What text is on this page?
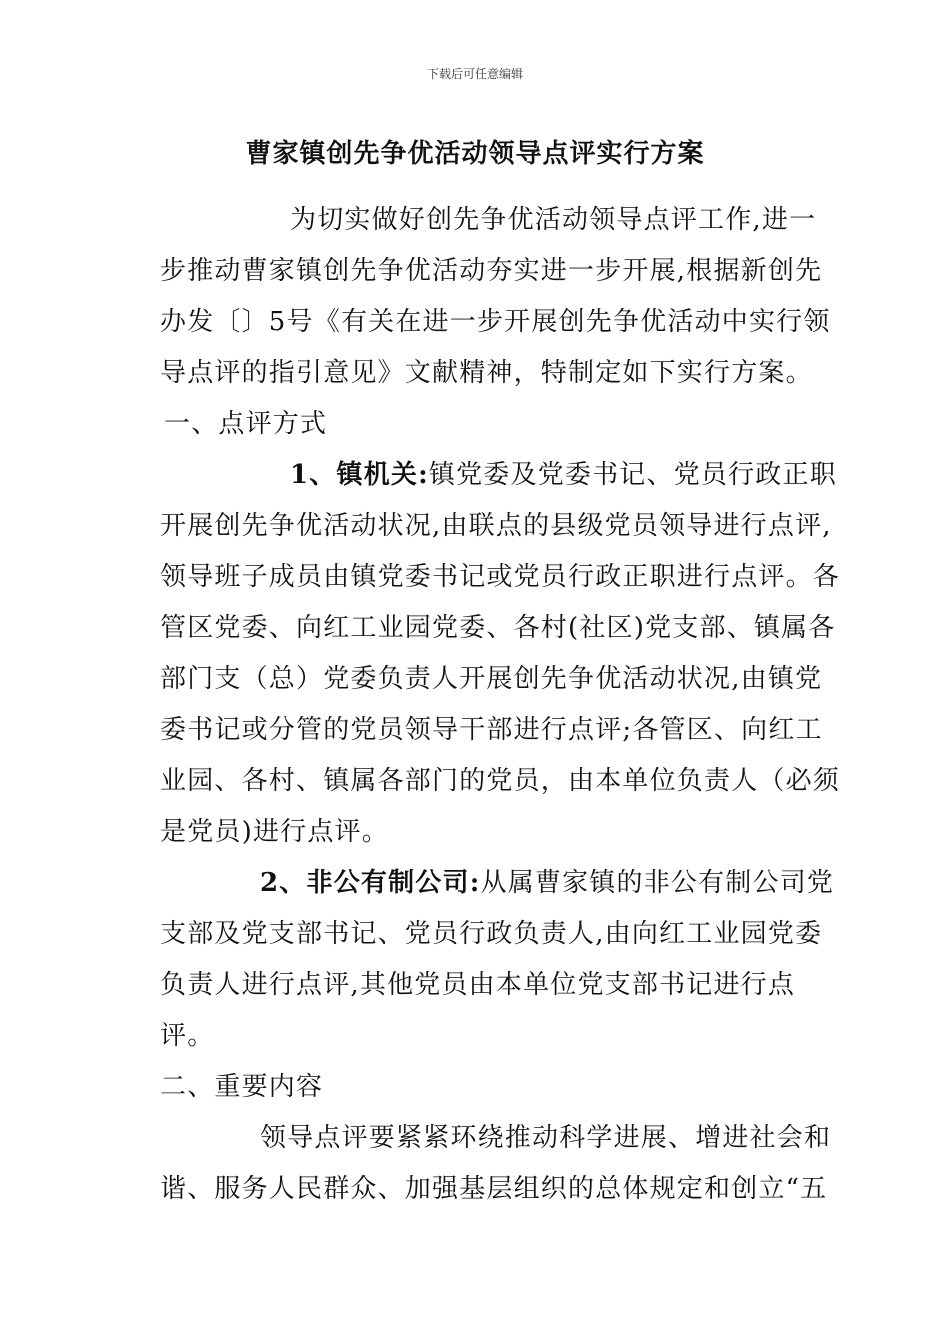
下载后可任意编辑
曹家镇创先争优活动领导点评实行方案
为切实做好创先争优活动领导点评工作,进一
步推动曹家镇创先争优活动夯实进一步开展,根据新创先
办发〔〕5号《有关在进一步开展创先争优活动中实行领
导点评的指引意见》文献精神，特制定如下实行方案。
一、点评方式
1、镇机关:镇党委及党委书记、党员行政正职
开展创先争优活动状况,由联点的县级党员领导进行点评,
领导班子成员由镇党委书记或党员行政正职进行点评。各
管区党委、向红工业园党委、各村(社区)党支部、镇属各
部门支（总）党委负责人开展创先争优活动状况,由镇党
委书记或分管的党员领导干部进行点评;各管区、向红工
业园、各村、镇属各部门的党员，由本单位负责人（必须
是党员)进行点评。
2、非公有制公司:从属曹家镇的非公有制公司党
支部及党支部书记、党员行政负责人,由向红工业园党委
负责人进行点评,其他党员由本单位党支部书记进行点
评。
二、重要内容
领导点评要紧紧环绕推动科学进展、增进社会和
谐、服务人民群众、加强基层组织的总体规定和创立“五
